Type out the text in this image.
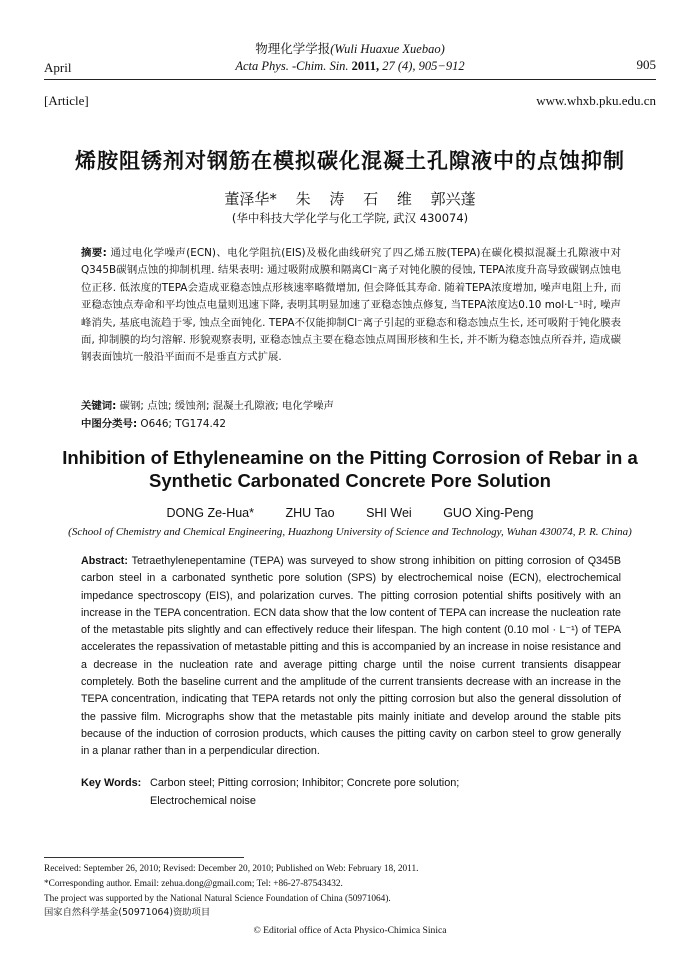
April
物理化学学报(Wuli Huaxue Xuebao)
Acta Phys. -Chim. Sin. 2011, 27 (4), 905−912	905
[Article]	www.whxb.pku.edu.cn
烯胺阻锈剂对钢筋在模拟碳化混凝土孔隙液中的点蚀抑制
董泽华* 朱 涛 石 维 郭兴蓬
(华中科技大学化学与化工学院, 武汉 430074)
摘要: 通过电化学噪声(ECN)、电化学阻抗(EIS)及极化曲线研究了四乙烯五胺(TEPA)在碳化模拟混凝土孔隙液中对Q345B碳钢点蚀的抑制机理. 结果表明: 通过吸附成膜和隔离Cl⁻离子对钝化膜的侵蚀, TEPA浓度升高导致碳钢点蚀电位正移. 低浓度的TEPA会造成亚稳态蚀点形核速率略微增加, 但会降低其寿命. 随着TEPA浓度增加, 噪声电阻上升, 而亚稳态蚀点寿命和平均蚀点电量则迅速下降, 表明其明显加速了亚稳态蚀点修复, 当TEPA浓度达0.10 mol·L⁻¹时, 噪声峰消失, 基底电流趋于零, 蚀点全面钝化. TEPA不仅能抑制Cl⁻离子引起的亚稳态和稳态蚀点生长, 还可吸附于钝化膜表面, 抑制膜的均匀溶解. 形貌观察表明, 亚稳态蚀点主要在稳态蚀点周围形核和生长, 并不断为稳态蚀点所吞并, 造成碳钢表面蚀坑一般沿平面而不是垂直方式扩展.
关键词: 碳钢; 点蚀; 缓蚀剂; 混凝土孔隙液; 电化学噪声
中图分类号: O646; TG174.42
Inhibition of Ethyleneamine on the Pitting Corrosion of Rebar in a Synthetic Carbonated Concrete Pore Solution
DONG Ze-Hua*	ZHU Tao	SHI Wei	GUO Xing-Peng
(School of Chemistry and Chemical Engineering, Huazhong University of Science and Technology, Wuhan 430074, P. R. China)
Abstract: Tetraethylenepentamine (TEPA) was surveyed to show strong inhibition on pitting corrosion of Q345B carbon steel in a carbonated synthetic pore solution (SPS) by electrochemical noise (ECN), electrochemical impedance spectroscopy (EIS), and polarization curves. The pitting corrosion potential shifts positively with an increase in the TEPA concentration. ECN data show that the low content of TEPA can increase the nucleation rate of the metastable pits slightly and can effectively reduce their lifespan. The high content (0.10 mol · L⁻¹) of TEPA accelerates the repassivation of metastable pitting and this is accompanied by an increase in noise resistance and a decrease in the nucleation rate and average pitting charge until the noise current transients disappear completely. Both the baseline current and the amplitude of the current transients decrease with an increase in the TEPA concentration, indicating that TEPA retards not only the pitting corrosion but also the general dissolution of the passive film. Micrographs show that the metastable pits mainly initiate and develop around the stable pits because of the induction of corrosion products, which causes the pitting cavity on carbon steel to grow generally in a planar rather than in a perpendicular direction.
Key Words: Carbon steel; Pitting corrosion; Inhibitor; Concrete pore solution;
Electrochemical noise
Received: September 26, 2010; Revised: December 20, 2010; Published on Web: February 18, 2011.
*Corresponding author. Email: zehua.dong@gmail.com; Tel: +86-27-87543432.
The project was supported by the National Natural Science Foundation of China (50971064).
国家自然科学基金(50971064)资助项目
© Editorial office of Acta Physico-Chimica Sinica
